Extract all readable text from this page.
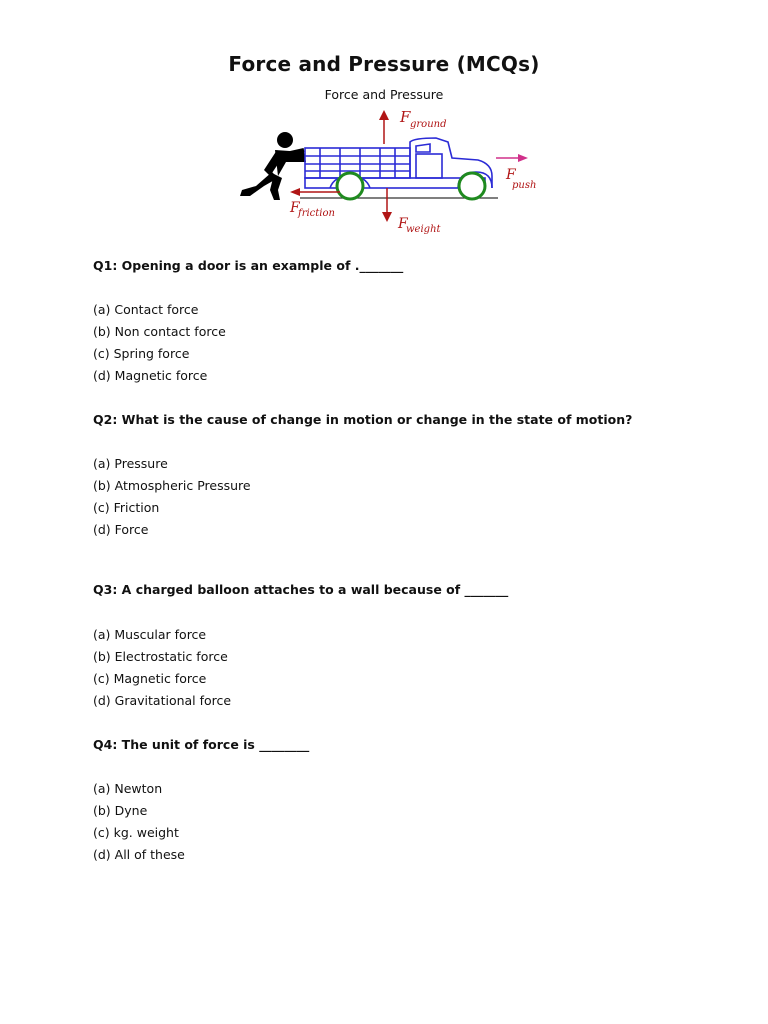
Force and Pressure (MCQs)
Force and Pressure
F ground
F
push
F
friction
F
weight
Q1: Opening a door is an example of ._______
(a) Contact force
(b) Non contact force
(c) Spring force
(d) Magnetic force
Q2: What is the cause of change in motion or change in the state of motion?
(a) Pressure
(b) Atmospheric Pressure
(c) Friction
(d) Force
Q3: A charged balloon attaches to a wall because of _______
(a) Muscular force
(b) Electrostatic force
(c) Magnetic force
(d) Gravitational force
Q4: The unit of force is ________
(a) Newton
(b) Dyne
(c) kg. weight
(d) All of these
